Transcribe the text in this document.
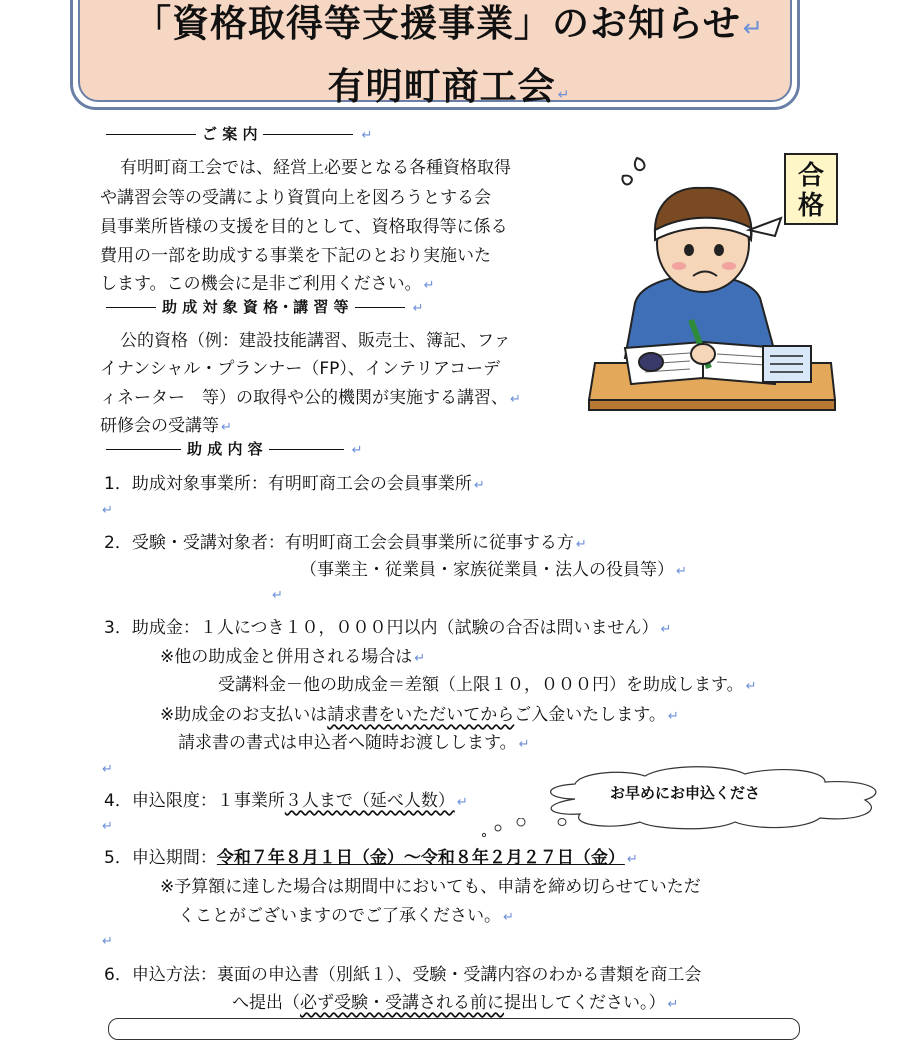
「資格取得等支援事業」のお知らせ↵
有明町商工会 ↵
ご 案 内	↵
有明町商工会では、経営上必要となる各種資格取得
や講習会等の受講により資質向上を図ろうとする会
員事業所皆様の支援を目的として、資格取得等に係る
費用の一部を助成する事業を下記のとおり実施いた
します。この機会に是非ご利用ください。 ↵
助 成 対 象 資 格・講 習 等	↵
公的資格（例：建設技能講習、販売士、簿記、ファ
イナンシャル・プランナー（FP）、インテリアコーデ
ィネーター　等）の取得や公的機関が実施する講習、 ↵
研修会の受講等 ↵
助 成 内 容	↵
1．助成対象事業所：有明町商工会の会員事業所 ↵
↵
2．受験・受講対象者：有明町商工会会員事業所に従事する方 ↵
（事業主・従業員・家族従業員・法人の役員等） ↵
↵
3．助成金：１人につき１０，０００円以内（試験の合否は問いません） ↵
※他の助成金と併用される場合は ↵
受講料金－他の助成金＝差額（上限１０，０００円）を助成します。 ↵
※助成金のお支払いは請求書をいただいてからご入金いたします。 ↵
請求書の書式は申込者へ随時お渡しします。 ↵
↵
4．申込限度：１事業所３人まで（延べ人数） ↵
↵
5．申込期間：令和７年８月１日（金）～令和８年２月２７日（金） ↵
※予算額に達した場合は期間中においても、申請を締め切らせていただ
くことがございますのでご了承ください。 ↵
↵
6．申込方法：裏面の申込書（別紙１）、受験・受講内容のわかる書類を商工会
へ提出（必ず受験・受講される前に提出してください。） ↵
お早めにお申込くださ
合
格
